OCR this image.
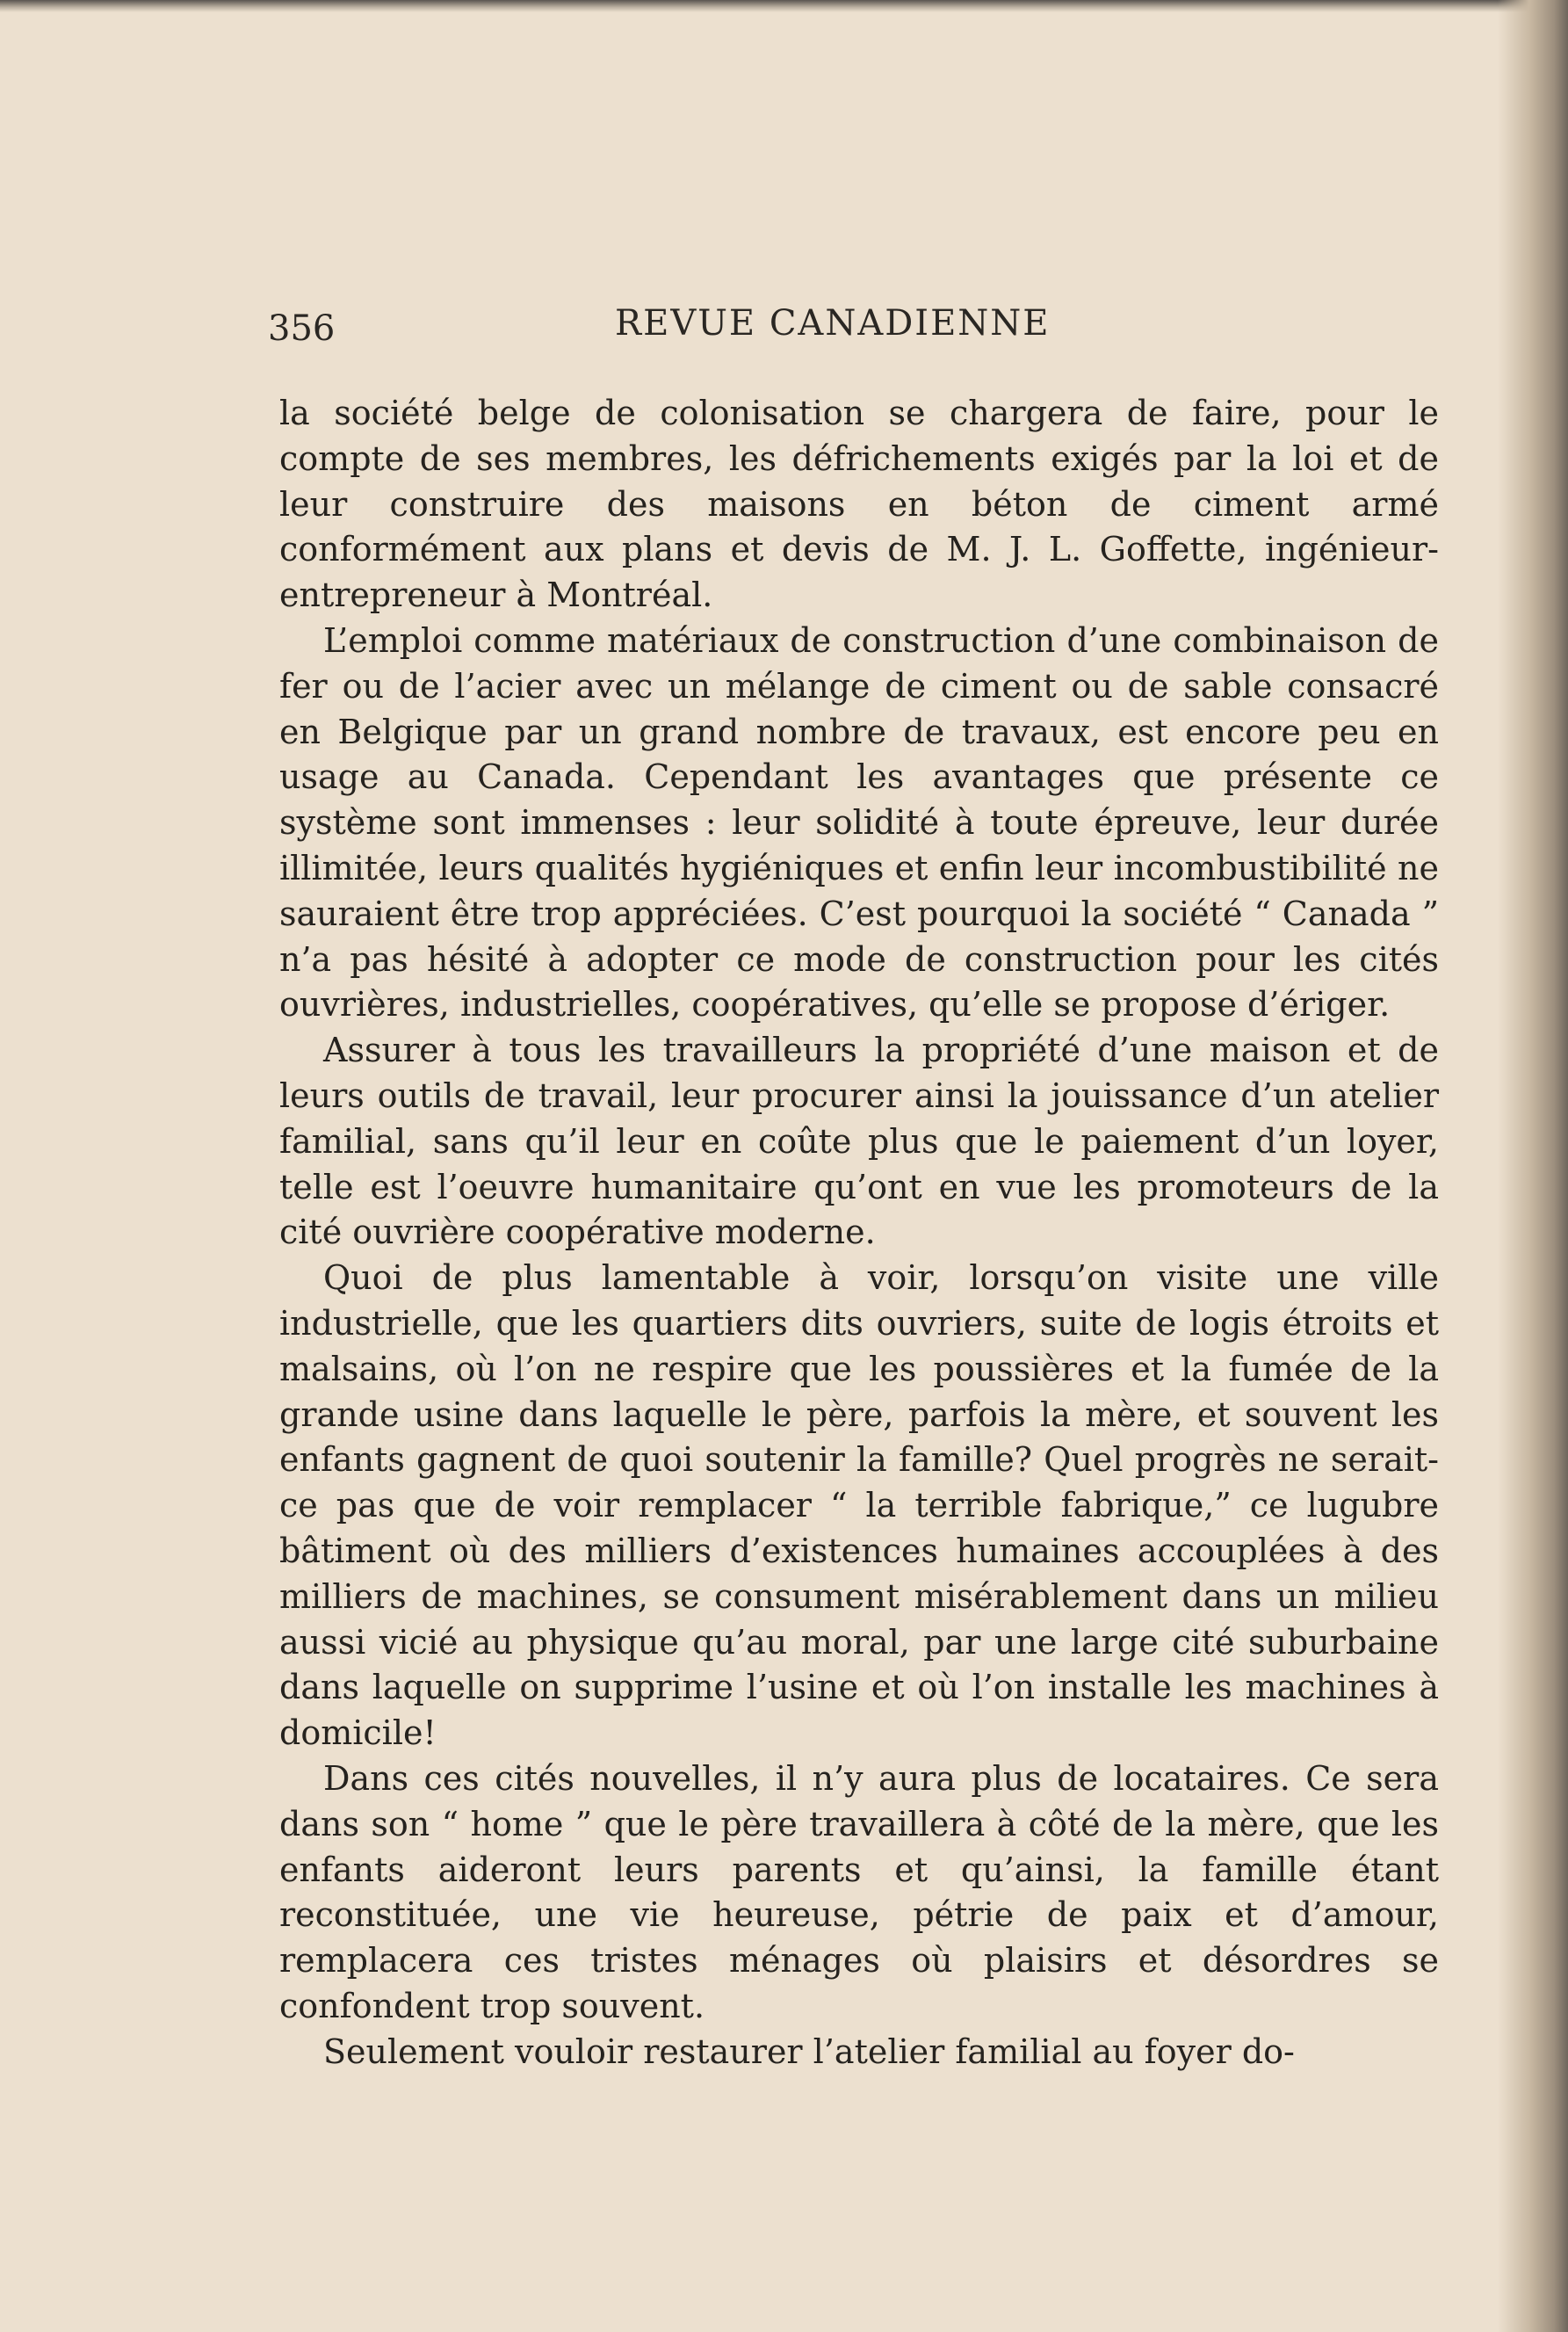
356	REVUE CANADIENNE

la société belge de colonisation se chargera de faire, pour le compte de ses membres, les défrichements exigés par la loi et de leur construire des maisons en béton de ciment armé conformément aux plans et devis de M. J. L. Goffette, ingénieur-entrepreneur à Montréal.

L’emploi comme matériaux de construction d’une combinaison de fer ou de l’acier avec un mélange de ciment ou de sable consacré en Belgique par un grand nombre de travaux, est encore peu en usage au Canada. Cependant les avantages que présente ce système sont immenses : leur solidité à toute épreuve, leur durée illimitée, leurs qualités hygiéniques et enfin leur incombustibilité ne sauraient être trop appréciées. C’est pourquoi la société “ Canada ” n’a pas hésité à adopter ce mode de construction pour les cités ouvrières, industrielles, coopératives, qu’elle se propose d’ériger.

Assurer à tous les travailleurs la propriété d’une maison et de leurs outils de travail, leur procurer ainsi la jouissance d’un atelier familial, sans qu’il leur en coûte plus que le paiement d’un loyer, telle est l’oeuvre humanitaire qu’ont en vue les promoteurs de la cité ouvrière coopérative moderne.

Quoi de plus lamentable à voir, lorsqu’on visite une ville industrielle, que les quartiers dits ouvriers, suite de logis étroits et malsains, où l’on ne respire que les poussières et la fumée de la grande usine dans laquelle le père, parfois la mère, et souvent les enfants gagnent de quoi soutenir la famille? Quel progrès ne serait-ce pas que de voir remplacer “ la terrible fabrique,” ce lugubre bâtiment où des milliers d’existences humaines accouplées à des milliers de machines, se consument misérablement dans un milieu aussi vicié au physique qu’au moral, par une large cité suburbaine dans laquelle on supprime l’usine et où l’on installe les machines à domicile!

Dans ces cités nouvelles, il n’y aura plus de locataires. Ce sera dans son “ home ” que le père travaillera à côté de la mère, que les enfants aideront leurs parents et qu’ainsi, la famille étant reconstituée, une vie heureuse, pétrie de paix et d’amour, remplacera ces tristes ménages où plaisirs et désordres se confondent trop souvent.

Seulement vouloir restaurer l’atelier familial au foyer do-
